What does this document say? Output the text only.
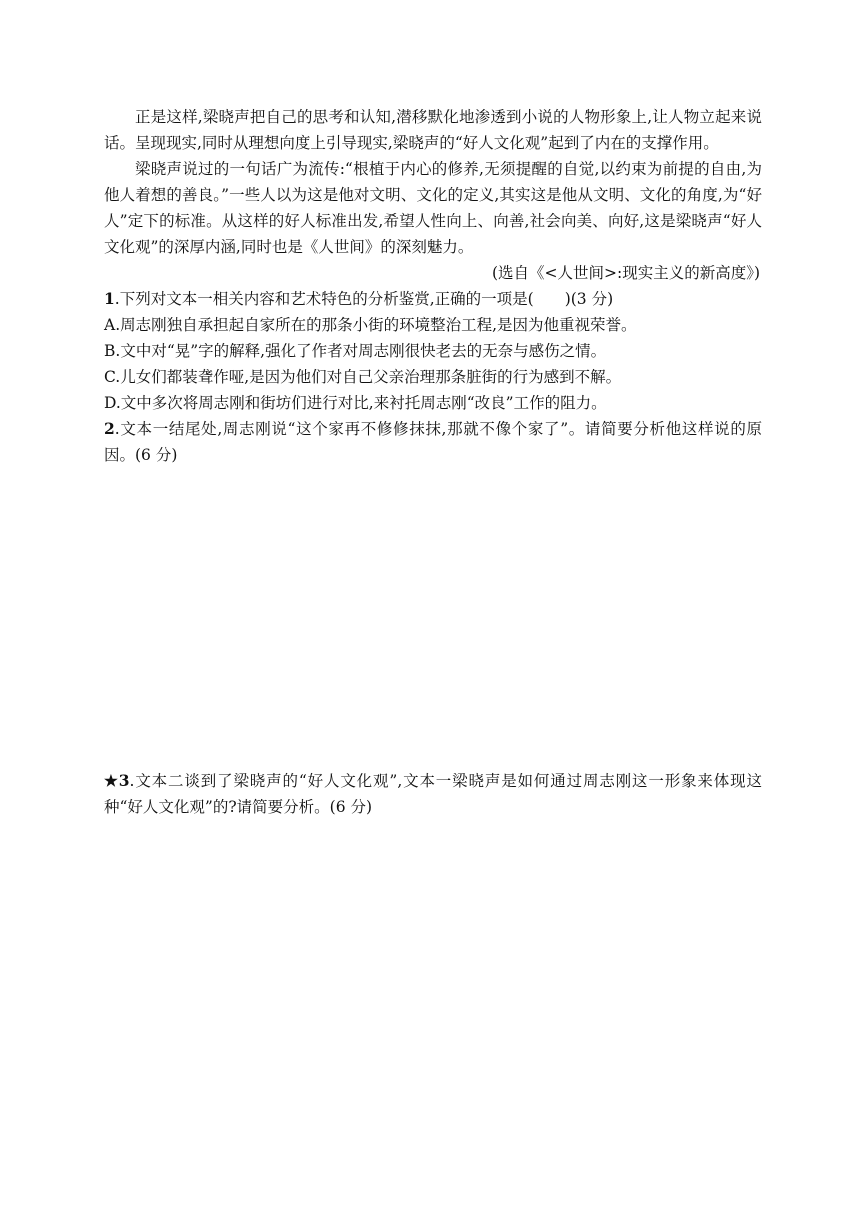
正是这样,梁晓声把自己的思考和认知,潜移默化地渗透到小说的人物形象上,让人物立起来说话。呈现现实,同时从理想向度上引导现实,梁晓声的“好人文化观”起到了内在的支撑作用。

梁晓声说过的一句话广为流传:“根植于内心的修养,无须提醒的自觉,以约束为前提的自由,为他人着想的善良。”一些人以为这是他对文明、文化的定义,其实这是他从文明、文化的角度,为“好人”定下的标准。从这样的好人标准出发,希望人性向上、向善,社会向美、向好,这是梁晓声“好人文化观”的深厚内涵,同时也是《人世间》的深刻魅力。

(选自《<人世间>:现实主义的新高度》)

1.下列对文本一相关内容和艺术特色的分析鉴赏,正确的一项是(　　)(3 分)

A.周志刚独自承担起自家所在的那条小街的环境整治工程,是因为他重视荣誉。

B.文中对“晃”字的解释,强化了作者对周志刚很快老去的无奈与感伤之情。

C.儿女们都装聋作哑,是因为他们对自己父亲治理那条脏街的行为感到不解。

D.文中多次将周志刚和街坊们进行对比,来衬托周志刚“改良”工作的阻力。

2.文本一结尾处,周志刚说“这个家再不修修抹抹,那就不像个家了”。请简要分析他这样说的原因。(6 分)

★3.文本二谈到了梁晓声的“好人文化观”,文本一梁晓声是如何通过周志刚这一形象来体现这种“好人文化观”的?请简要分析。(6 分)
